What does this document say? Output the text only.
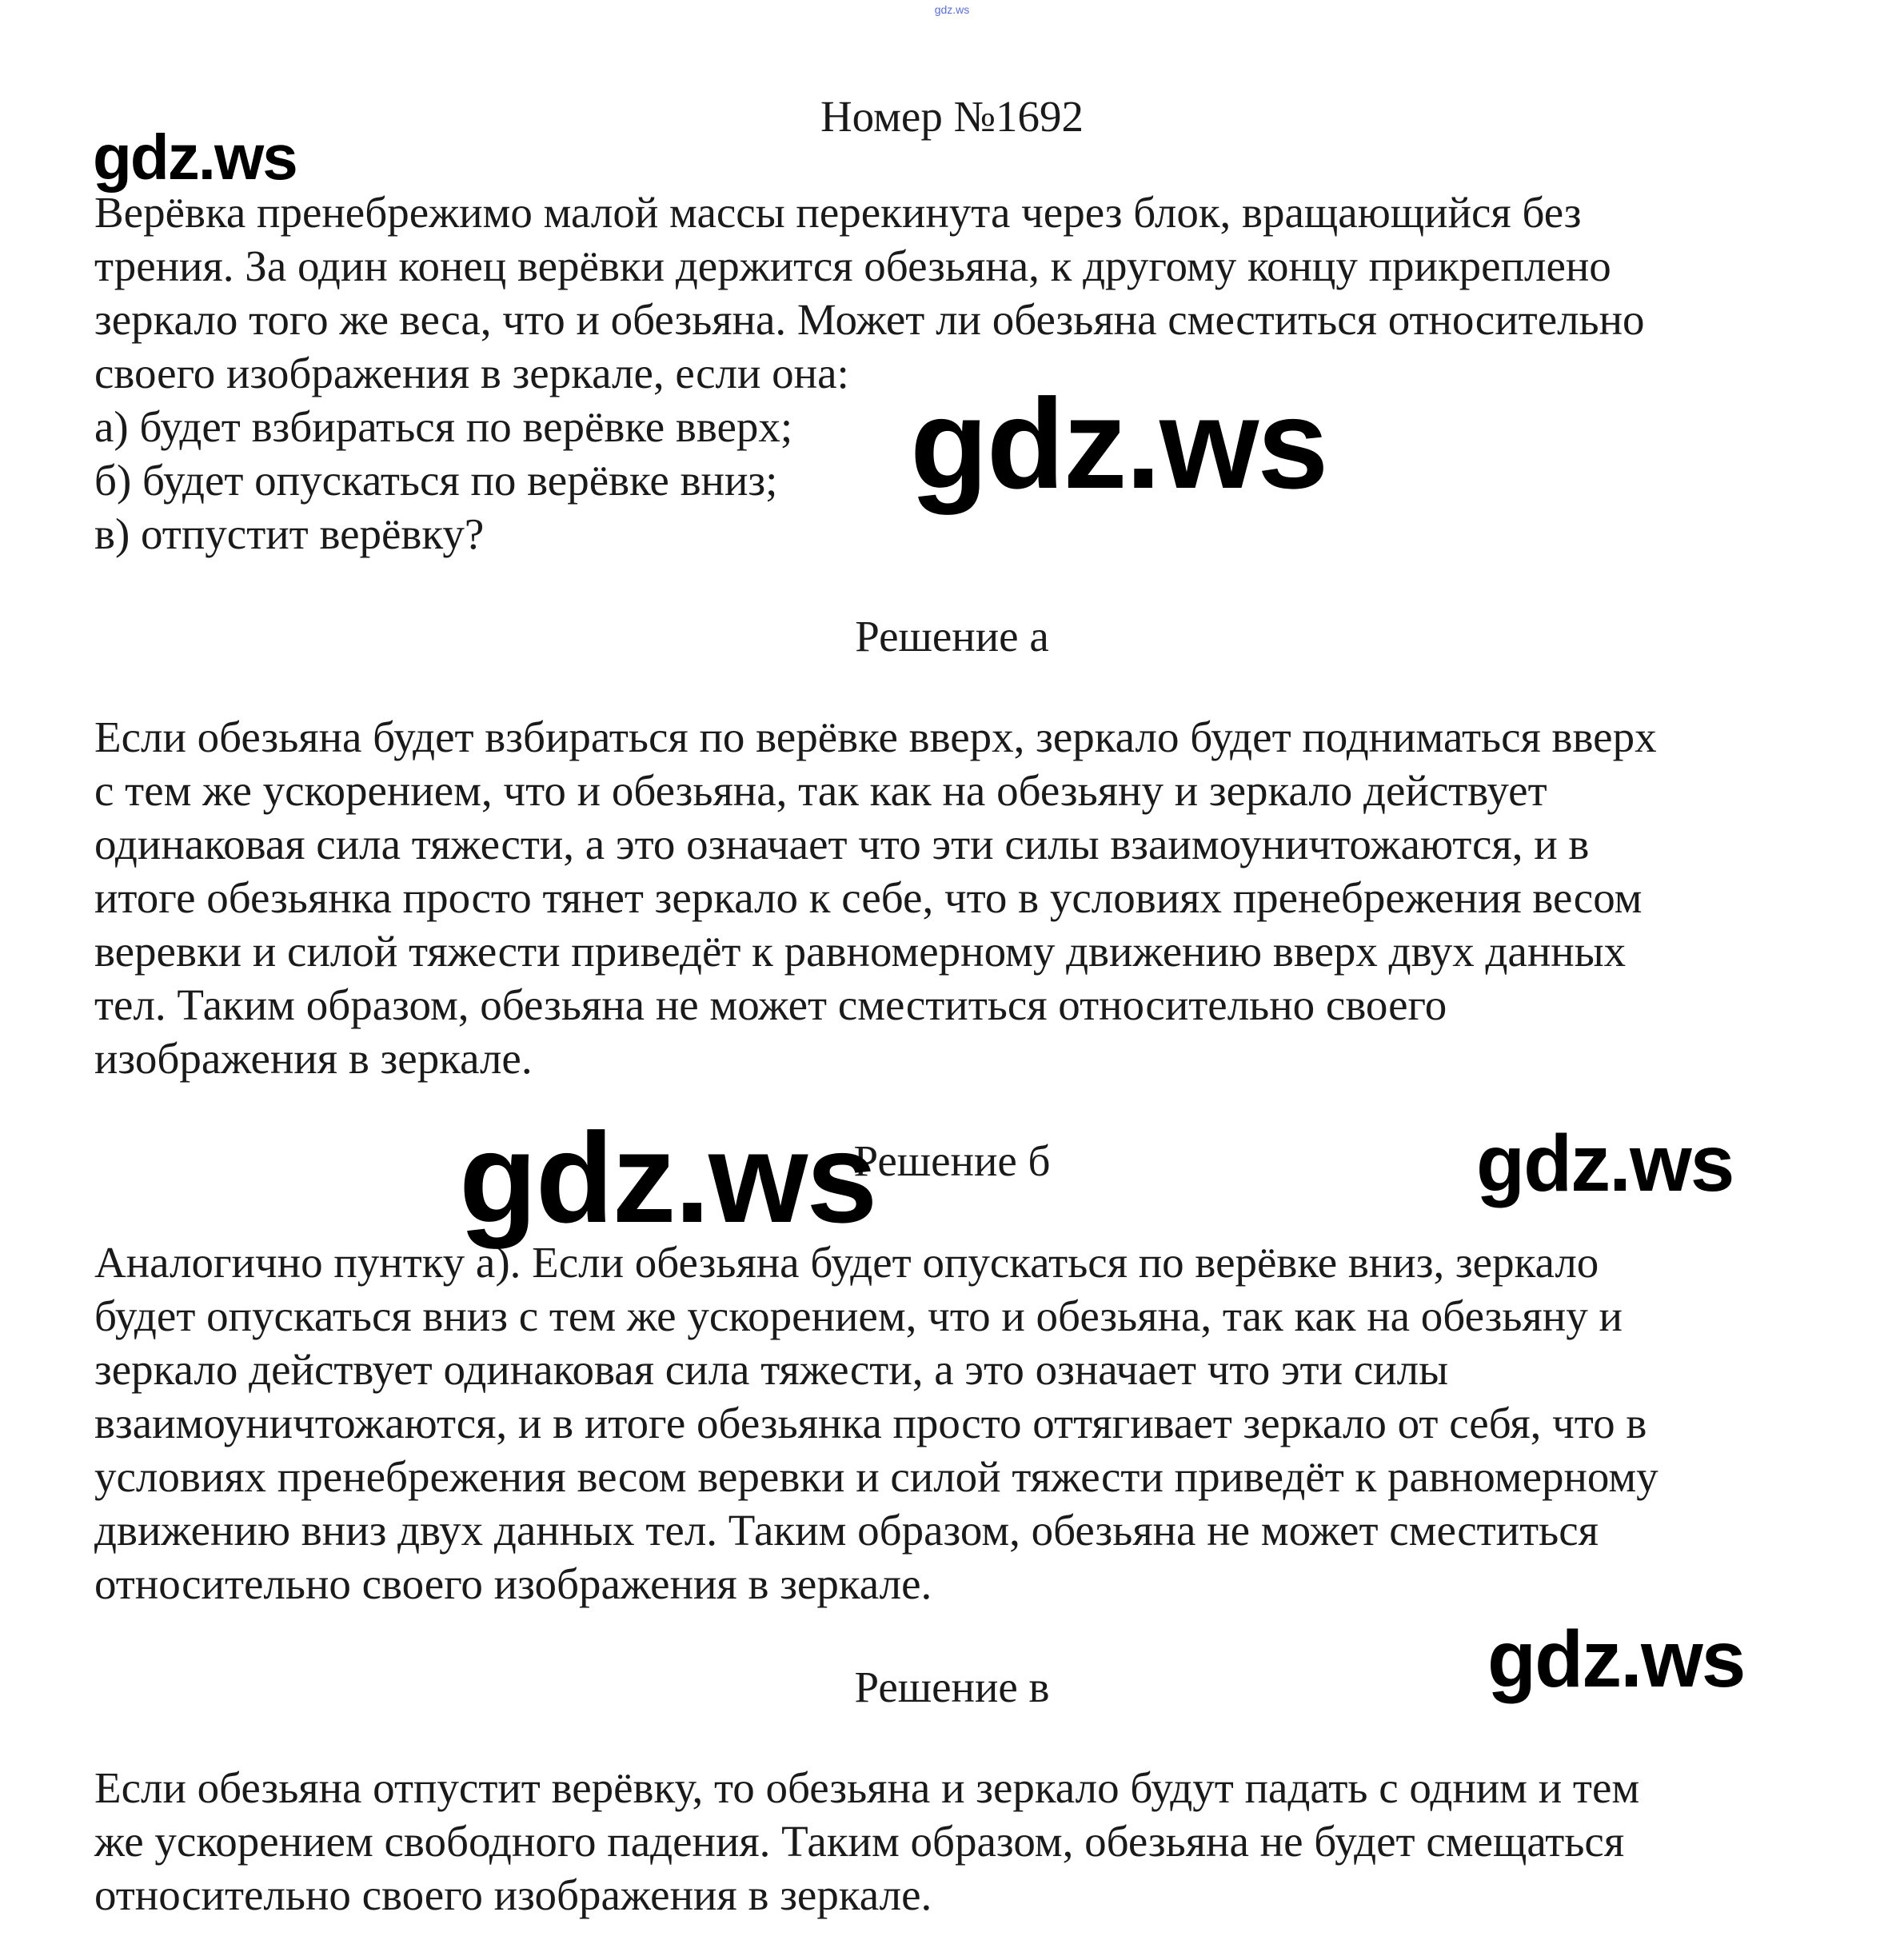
gdz.ws
Номер №1692
Верёвка пренебрежимо малой массы перекинута через блок, вращающийся без
трения. За один конец верёвки держится обезьяна, к другому концу прикреплено
зеркало того же веса, что и обезьяна. Может ли обезьяна сместиться относительно
своего изображения в зеркале, если она:
а) будет взбираться по верёвке вверх;
б) будет опускаться по верёвке вниз;
в) отпустит верёвку?
Решение а
Если обезьяна будет взбираться по верёвке вверх, зеркало будет подниматься вверх
с тем же ускорением, что и обезьяна, так как на обезьяну и зеркало действует
одинаковая сила тяжести, а это означает что эти силы взаимоуничтожаются, и в
итоге обезьянка просто тянет зеркало к себе, что в условиях пренебрежения весом
веревки и силой тяжести приведёт к равномерному движению вверх двух данных
тел. Таким образом, обезьяна не может сместиться относительно своего
изображения в зеркале.
Решение б
Аналогично пунтку а). Если обезьяна будет опускаться по верёвке вниз, зеркало
будет опускаться вниз с тем же ускорением, что и обезьяна, так как на обезьяну и
зеркало действует одинаковая сила тяжести, а это означает что эти силы
взаимоуничтожаются, и в итоге обезьянка просто оттягивает зеркало от себя, что в
условиях пренебрежения весом веревки и силой тяжести приведёт к равномерному
движению вниз двух данных тел. Таким образом, обезьяна не может сместиться
относительно своего изображения в зеркале.
Решение в
Если обезьяна отпустит верёвку, то обезьяна и зеркало будут падать с одним и тем
же ускорением свободного падения. Таким образом, обезьяна не будет смещаться
относительно своего изображения в зеркале.
gdz.ws
gdz.ws
gdz.ws	gdz.ws
gdz.ws
